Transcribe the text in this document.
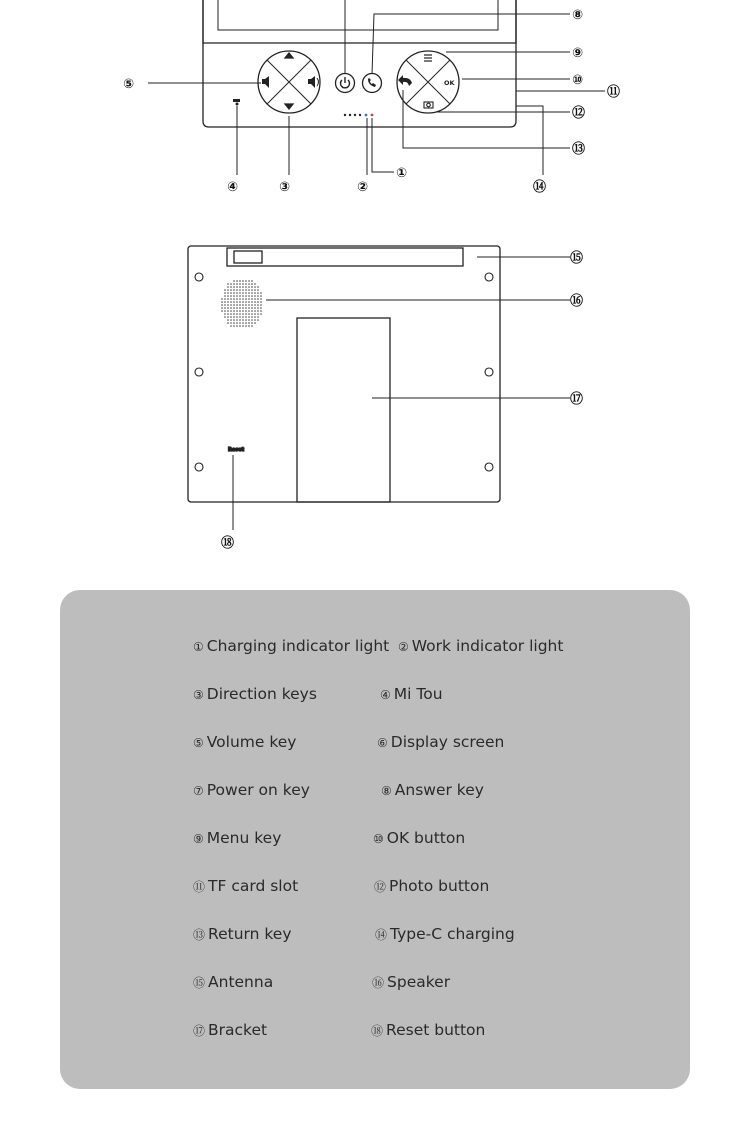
Reset
OK
①
②
③
④
⑤
⑧
⑨
⑩
⑪
⑫
⑬
⑭
⑮
⑯
⑰
⑱
① Charging indicator light ② Work indicator light
③ Direction keys	④ Mi Tou
⑤ Volume key	⑥ Display screen
⑦ Power on key	⑧ Answer key
⑨ Menu key	⑩ OK button
⑪ TF card slot	⑫ Photo button
⑬ Return key	⑭ Type-C charging
⑮ Antenna	⑯ Speaker
⑰ Bracket	⑱ Reset button
